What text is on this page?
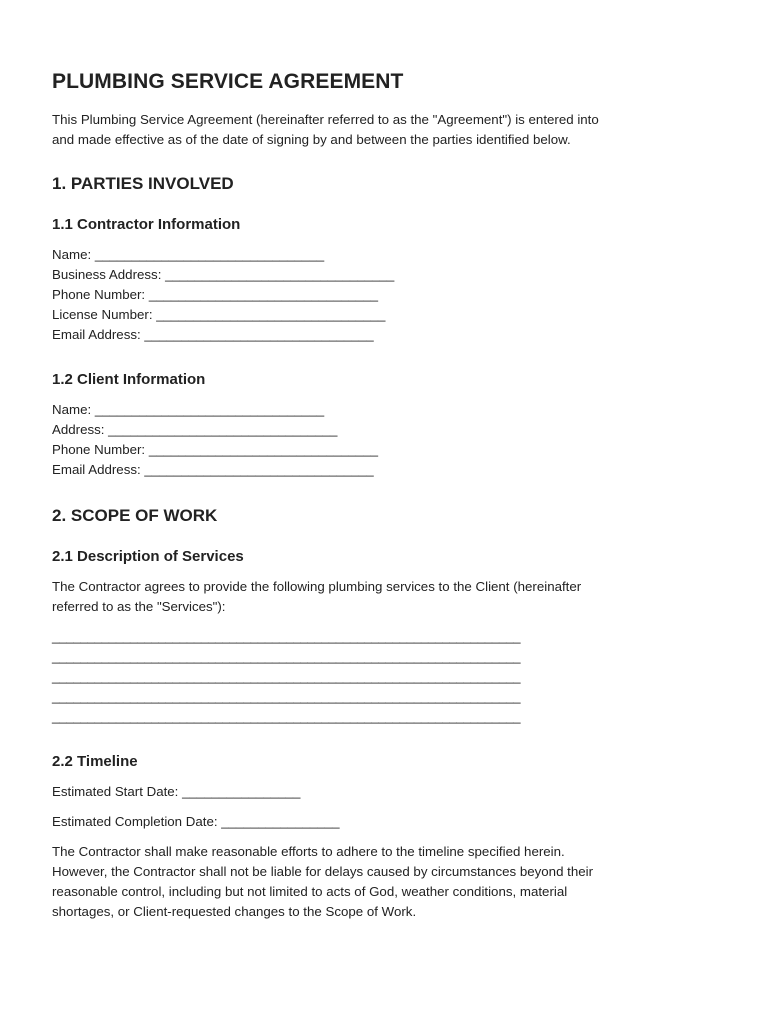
PLUMBING SERVICE AGREEMENT

This Plumbing Service Agreement (hereinafter referred to as the "Agreement") is entered into

and made effective as of the date of signing by and between the parties identified below.

1. PARTIES INVOLVED
1.1 Contractor Information

Name: _______________________________

Business Address: _______________________________

Phone Number: _______________________________

License Number: _______________________________

Email Address: _______________________________

1.2 Client Information

Name: _______________________________

Address: _______________________________

Phone Number: _______________________________

Email Address: _______________________________

2. SCOPE OF WORK
2.1 Description of Services

The Contractor agrees to provide the following plumbing services to the Client (hereinafter

referred to as the "Services"):

__________________________________________________________________

__________________________________________________________________

__________________________________________________________________

__________________________________________________________________

__________________________________________________________________

2.2 Timeline

Estimated Start Date: ________________

Estimated Completion Date: ________________

The Contractor shall make reasonable efforts to adhere to the timeline specified herein.

However, the Contractor shall not be liable for delays caused by circumstances beyond their

reasonable control, including but not limited to acts of God, weather conditions, material

shortages, or Client-requested changes to the Scope of Work.
